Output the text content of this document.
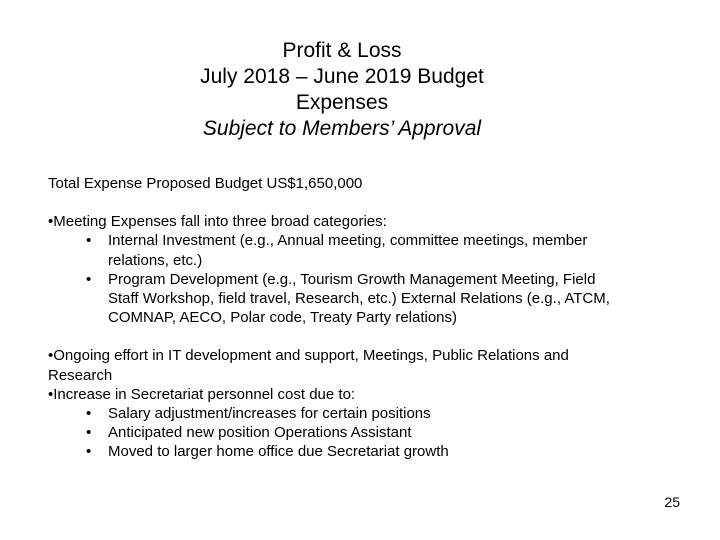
Profit & Loss
July 2018 – June 2019 Budget
Expenses
Subject to Members’ Approval
Total Expense Proposed Budget US$1,650,000
•Meeting Expenses fall into three broad categories:
• Internal Investment (e.g., Annual meeting, committee meetings, member
relations, etc.)
• Program Development (e.g., Tourism Growth Management Meeting, Field
Staff Workshop, field travel, Research, etc.) External Relations (e.g., ATCM,
COMNAP, AECO, Polar code, Treaty Party relations)
•Ongoing effort in IT development and support, Meetings, Public Relations and
Research
•Increase in Secretariat personnel cost due to:
• Salary adjustment/increases for certain positions
• Anticipated new position Operations Assistant
• Moved to larger home office due Secretariat growth
25
